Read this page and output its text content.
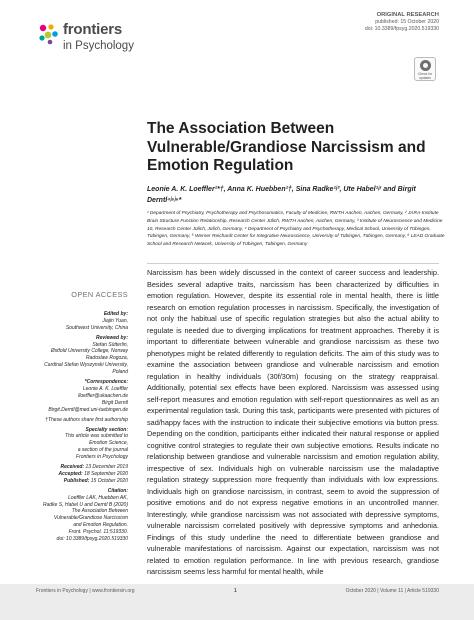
frontiers
in Psychology
ORIGINAL RESEARCH
published: 15 October 2020
doi: 10.3389/fpsyg.2020.519330
Check for
updates
The Association Between Vulnerable/Grandiose Narcissism and Emotion Regulation
Leonie A. K. Loeffler¹*†, Anna K. Huebben¹†, Sina Radke¹ʲ³, Ute Habel¹ʲʳ and Birgit Derntl⁴ʲ⁵ʲ⁶*
¹ Department of Psychiatry, Psychotherapy and Psychosomatics, Faculty of Medicine, RWTH Aachen, Aachen, Germany, ² JARA-Institute Brain Structure Function Relationship, Research Center Jülich, RWTH Aachen, Aachen, Germany, ³ Institute of Neuroscience and Medicine 10, Research Center Jülich, Jülich, Germany, ⁴ Department of Psychiatry and Psychotherapy, Medical School, University of Tübingen, Tübingen, Germany, ⁵ Werner Reichardt Center for Integrative Neuroscience, University of Tübingen, Tübingen, Germany, ⁶ LEAD Graduate School and Research Network, University of Tübingen, Tübingen, Germany
Narcissism has been widely discussed in the context of career success and leadership. Besides several adaptive traits, narcissism has been characterized by difficulties in emotion regulation. However, despite its essential role in mental health, there is little research on emotion regulation processes in narcissism. Specifically, the investigation of not only the habitual use of specific regulation strategies but also the actual ability to regulate is needed due to diverging implications for treatment approaches. Thereby it is important to differentiate between vulnerable and grandiose narcissism as these two phenotypes might be related differently to regulation deficits. The aim of this study was to examine the association between grandiose and vulnerable narcissism and emotion regulation in healthy individuals (30f/30m) focusing on the strategy reappraisal. Additionally, potential sex effects have been explored. Narcissism was assessed using self-report measures and emotion regulation with self-report questionnaires as well as an experimental regulation task. During this task, participants were presented with pictures of sad/happy faces with the instruction to indicate their subjective emotions via button press. Depending on the condition, participants either indicated their natural response or applied cognitive control strategies to regulate their own subjective emotions. Results indicate no relationship between grandiose and vulnerable narcissism and emotion regulation ability, irrespective of sex. Individuals high on vulnerable narcissism use the maladaptive regulation strategy suppression more frequently than individuals with low expressions. Individuals high on grandiose narcissism, in contrast, seem to avoid the suppression of positive emotions and do not express negative emotions in an uncontrolled manner. Interestingly, while grandiose narcissism was not associated with depressive symptoms, vulnerable narcissism correlated positively with depressive symptoms and anhedonia. Findings of this study underline the need to differentiate between grandiose and vulnerable manifestations of narcissism. Against our expectation, narcissism was not related to emotion regulation performance. In line with previous research, grandiose narcissism seems less harmful for mental health, while
OPEN ACCESS
Edited by:
Jiajin Yuan,
Southwest University, China
Reviewed by:
Stefan Sütterlin,
Østfold University College, Norway
Radoslaw Rogoza,
Cardinal Stefan Wyszynski University,
Poland
*Correspondence:
Leonie A. K. Loeffler
lloeffler@ukaachen.de
Birgit Derntl
Birgit.Derntl@med.uni-tuebingen.de
†These authors share first authorship
Specialty section:
This article was submitted to
Emotion Science,
a section of the journal
Frontiers in Psychology
Received: 13 December 2019
Accepted: 18 September 2020
Published: 15 October 2020
Citation:
Loeffler LAK, Huebben AK,
Radke S, Habel U and Derntl B (2020)
The Association Between
Vulnerable/Grandiose Narcissism
and Emotion Regulation.
Front. Psychol. 11:519330.
doi: 10.3389/fpsyg.2020.519330
Frontiers in Psychology | www.frontiersin.org	1	October 2020 | Volume 11 | Article 519330
